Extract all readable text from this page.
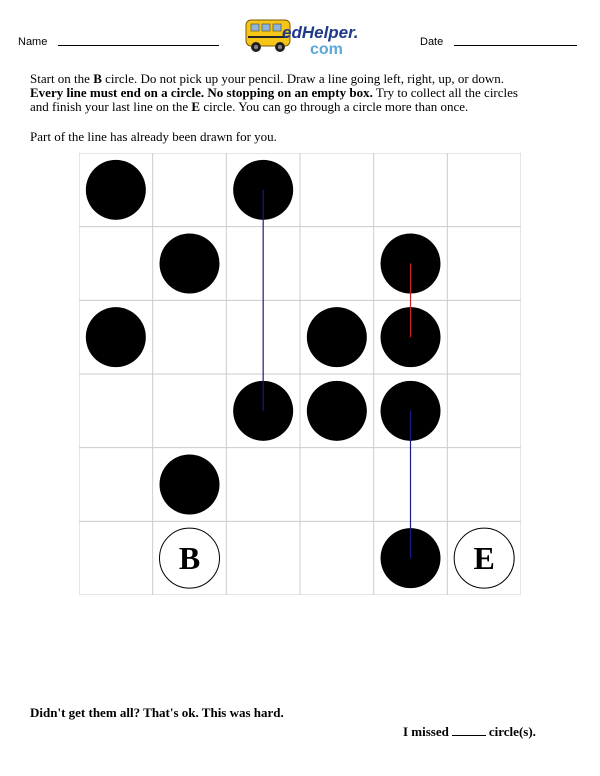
Name	edHelper.
com	Date

Start on the B circle. Do not pick up your pencil. Draw a line going left, right, up, or down.

Every line must end on a circle. No stopping on an empty box. Try to collect all the circles

and finish your last line on the E circle. You can go through a circle more than once.

Part of the line has already been drawn for you.
B	E
Didn't get them all? That's ok. This was hard.
I missed	circle(s).
